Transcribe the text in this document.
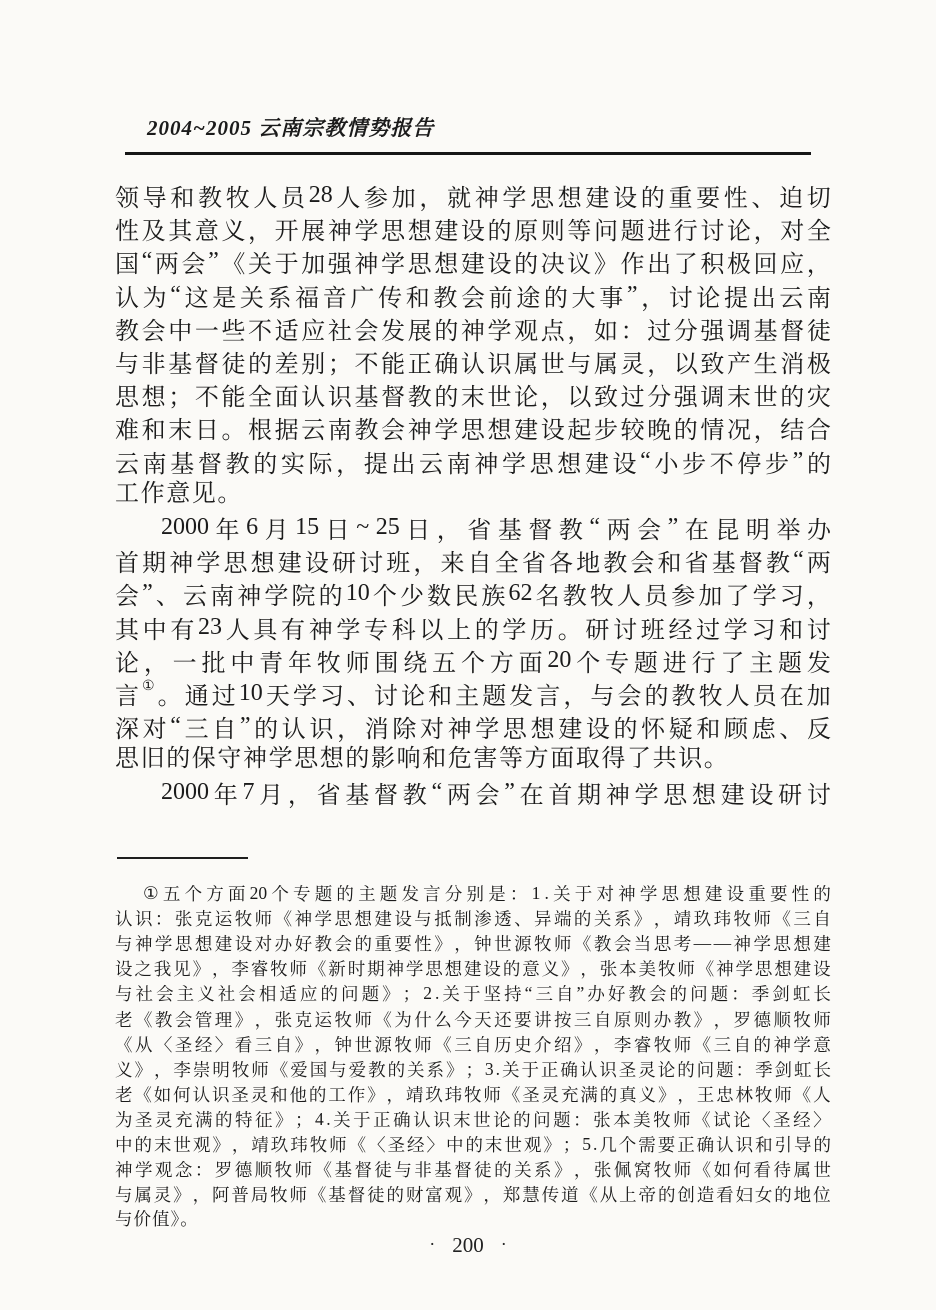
2004~2005 云南宗教情势报告
领 导 和 教 牧 人 员 28 人 参 加 ， 就 神 学 思 想 建 设 的 重 要 性 、 迫 切
性 及 其 意 义 ， 开 展 神 学 思 想 建 设 的 原 则 等 问 题 进 行 讨 论 ， 对 全
国 “ 两 会 ” 《 关 于 加 强 神 学 思 想 建 设 的 决 议 》 作 出 了 积 极 回 应 ，
认 为 “ 这 是 关 系 福 音 广 传 和 教 会 前 途 的 大 事 ” ， 讨 论 提 出 云 南
教 会 中 一 些 不 适 应 社 会 发 展 的 神 学 观 点 ， 如 ： 过 分 强 调 基 督 徒
与 非 基 督 徒 的 差 别 ； 不 能 正 确 认 识 属 世 与 属 灵 ， 以 致 产 生 消 极
思 想 ； 不 能 全 面 认 识 基 督 教 的 末 世 论 ， 以 致 过 分 强 调 末 世 的 灾
难 和 末 日 。 根 据 云 南 教 会 神 学 思 想 建 设 起 步 较 晚 的 情 况 ， 结 合
云 南 基 督 教 的 实 际 ， 提 出 云 南 神 学 思 想 建 设 “ 小 步 不 停 步 ” 的
工作意见。
2000 年 6 月 15 日 ~ 25 日 ， 省 基 督 教 “ 两 会 ” 在 昆 明 举 办
首 期 神 学 思 想 建 设 研 讨 班 ， 来 自 全 省 各 地 教 会 和 省 基 督 教 “ 两
会 ” 、 云 南 神 学 院 的 10 个 少 数 民 族 62 名 教 牧 人 员 参 加 了 学 习 ，
其 中 有 23 人 具 有 神 学 专 科 以 上 的 学 历 。 研 讨 班 经 过 学 习 和 讨
论 ， 一 批 中 青 年 牧 师 围 绕 五 个 方 面 20 个 专 题 进 行 了 主 题 发
言 ① 。 通 过 10 天 学 习 、 讨 论 和 主 题 发 言 ， 与 会 的 教 牧 人 员 在 加
深 对 “ 三 自 ” 的 认 识 ， 消 除 对 神 学 思 想 建 设 的 怀 疑 和 顾 虑 、 反
思旧的保守神学思想的影响和危害等方面取得了共识。
2000 年 7 月 ， 省 基 督 教 “ 两 会 ” 在 首 期 神 学 思 想 建 设 研 讨
① 五 个 方 面 20 个 专 题 的 主 题 发 言 分 别 是 ： 1 . 关 于 对 神 学 思 想 建 设 重 要 性 的
认 识 ： 张 克 运 牧 师 《 神 学 思 想 建 设 与 抵 制 渗 透 、 异 端 的 关 系 》 ， 靖 玖 玮 牧 师 《 三 自
与 神 学 思 想 建 设 对 办 好 教 会 的 重 要 性 》 ， 钟 世 源 牧 师 《 教 会 当 思 考 — — 神 学 思 想 建
设 之 我 见 》 ， 李 睿 牧 师 《 新 时 期 神 学 思 想 建 设 的 意 义 》 ， 张 本 美 牧 师 《 神 学 思 想 建 设
与 社 会 主 义 社 会 相 适 应 的 问 题 》 ； 2 . 关 于 坚 持 “ 三 自 ” 办 好 教 会 的 问 题 ： 季 剑 虹 长
老 《 教 会 管 理 》 ， 张 克 运 牧 师 《 为 什 么 今 天 还 要 讲 按 三 自 原 则 办 教 》 ， 罗 德 顺 牧 师
《 从 〈 圣 经 〉 看 三 自 》 ， 钟 世 源 牧 师 《 三 自 历 史 介 绍 》 ， 李 睿 牧 师 《 三 自 的 神 学 意
义 》 ， 李 崇 明 牧 师 《 爱 国 与 爱 教 的 关 系 》 ； 3 . 关 于 正 确 认 识 圣 灵 论 的 问 题 ： 季 剑 虹 长
老 《 如 何 认 识 圣 灵 和 他 的 工 作 》 ， 靖 玖 玮 牧 师 《 圣 灵 充 满 的 真 义 》 ， 王 忠 林 牧 师 《 人
为 圣 灵 充 满 的 特 征 》 ； 4 . 关 于 正 确 认 识 末 世 论 的 问 题 ： 张 本 美 牧 师 《 试 论 〈 圣 经 〉
中 的 末 世 观 》 ， 靖 玖 玮 牧 师 《 〈 圣 经 〉 中 的 末 世 观 》 ； 5 . 几 个 需 要 正 确 认 识 和 引 导 的
神 学 观 念 ： 罗 德 顺 牧 师 《 基 督 徒 与 非 基 督 徒 的 关 系 》 ， 张 佩 窝 牧 师 《 如 何 看 待 属 世
与 属 灵 》 ， 阿 普 局 牧 师 《 基 督 徒 的 财 富 观 》 ， 郑 慧 传 道 《 从 上 帝 的 创 造 看 妇 女 的 地 位
与价值》。
· 200 ·
